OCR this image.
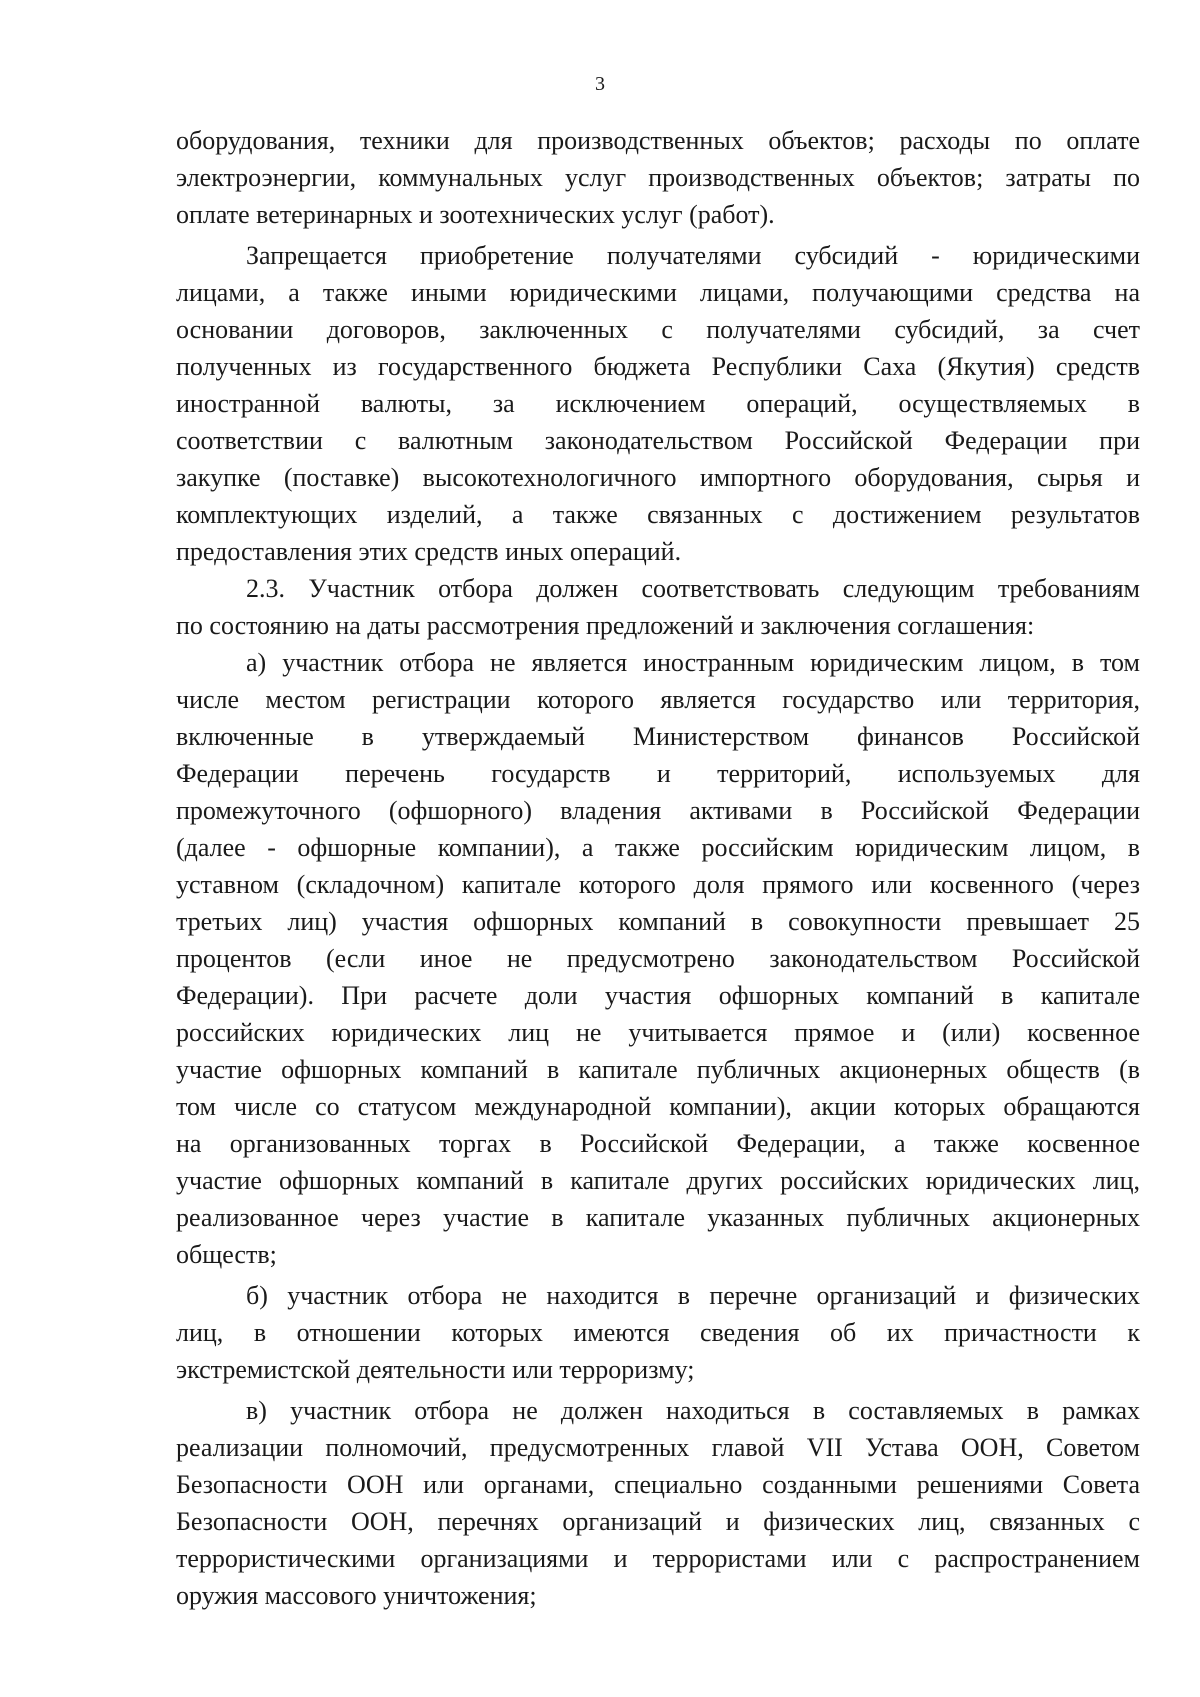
3
оборудования, техники для производственных объектов; расходы по оплате
электроэнергии, коммунальных услуг производственных объектов; затраты по
оплате ветеринарных и зоотехнических услуг (работ).
Запрещается приобретение получателями субсидий - юридическими
лицами, а также иными юридическими лицами, получающими средства на
основании договоров, заключенных с получателями субсидий, за счет
полученных из государственного бюджета Республики Саха (Якутия) средств
иностранной валюты, за исключением операций, осуществляемых в
соответствии с валютным законодательством Российской Федерации при
закупке (поставке) высокотехнологичного импортного оборудования, сырья и
комплектующих изделий, а также связанных с достижением результатов
предоставления этих средств иных операций.
2.3. Участник отбора должен соответствовать следующим требованиям
по состоянию на даты рассмотрения предложений и заключения соглашения:
а) участник отбора не является иностранным юридическим лицом, в том
числе местом регистрации которого является государство или территория,
включенные в утверждаемый Министерством финансов Российской
Федерации перечень государств и территорий, используемых для
промежуточного (офшорного) владения активами в Российской Федерации
(далее - офшорные компании), а также российским юридическим лицом, в
уставном (складочном) капитале которого доля прямого или косвенного (через
третьих лиц) участия офшорных компаний в совокупности превышает 25
процентов (если иное не предусмотрено законодательством Российской
Федерации). При расчете доли участия офшорных компаний в капитале
российских юридических лиц не учитывается прямое и (или) косвенное
участие офшорных компаний в капитале публичных акционерных обществ (в
том числе со статусом международной компании), акции которых обращаются
на организованных торгах в Российской Федерации, а также косвенное
участие офшорных компаний в капитале других российских юридических лиц,
реализованное через участие в капитале указанных публичных акционерных
обществ;
б) участник отбора не находится в перечне организаций и физических
лиц, в отношении которых имеются сведения об их причастности к
экстремистской деятельности или терроризму;
в) участник отбора не должен находиться в составляемых в рамках
реализации полномочий, предусмотренных главой VII Устава ООН, Советом
Безопасности ООН или органами, специально созданными решениями Совета
Безопасности ООН, перечнях организаций и физических лиц, связанных с
террористическими организациями и террористами или с распространением
оружия массового уничтожения;
